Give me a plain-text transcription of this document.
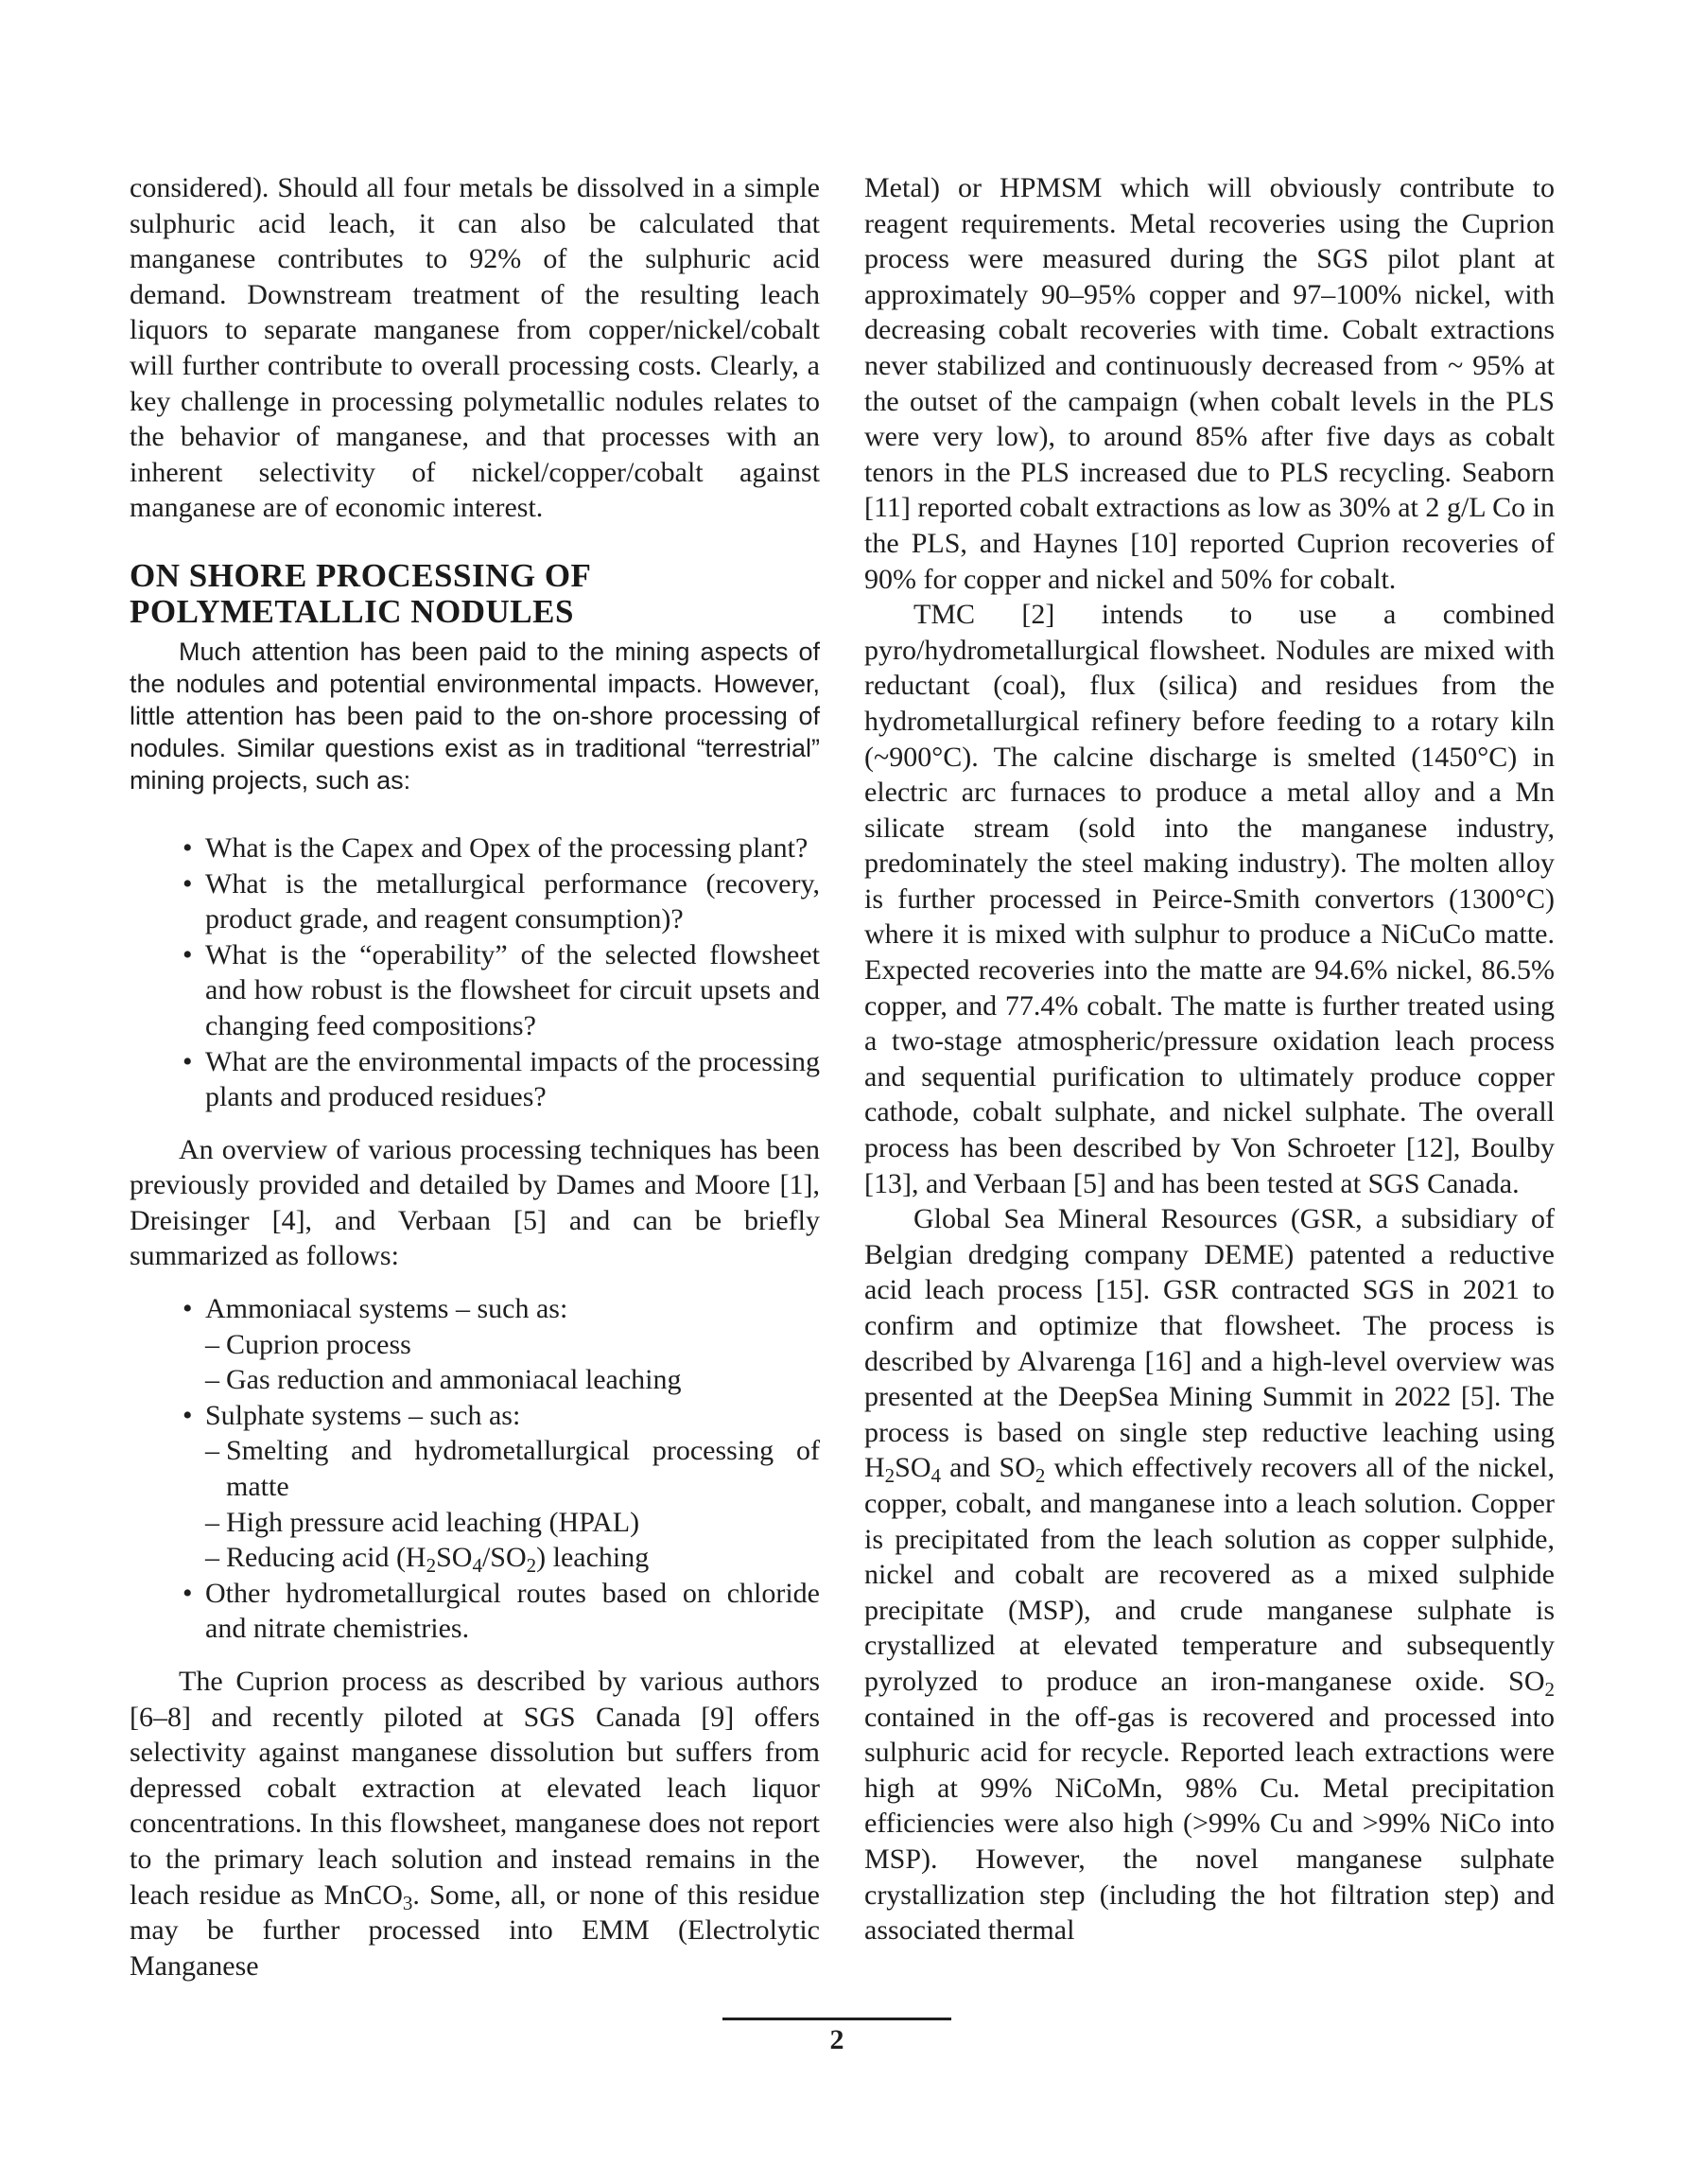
considered). Should all four metals be dissolved in a simple sulphuric acid leach, it can also be calculated that manganese contributes to 92% of the sulphuric acid demand. Downstream treatment of the resulting leach liquors to separate manganese from copper/nickel/cobalt will further contribute to overall processing costs. Clearly, a key challenge in processing polymetallic nodules relates to the behavior of manganese, and that processes with an inherent selectivity of nickel/copper/cobalt against manganese are of economic interest.

ON SHORE PROCESSING OF
POLYMETALLIC NODULES

Much attention has been paid to the mining aspects of the nodules and potential environmental impacts. However, little attention has been paid to the on-shore processing of nodules. Similar questions exist as in traditional “terrestrial” mining projects, such as:

• What is the Capex and Opex of the processing plant?
• What is the metallurgical performance (recovery, product grade, and reagent consumption)?
• What is the “operability” of the selected flowsheet and how robust is the flowsheet for circuit upsets and changing feed compositions?
• What are the environmental impacts of the processing plants and produced residues?

An overview of various processing techniques has been previously provided and detailed by Dames and Moore [1], Dreisinger [4], and Verbaan [5] and can be briefly summarized as follows:

• Ammoniacal systems – such as:
– Cuprion process
– Gas reduction and ammoniacal leaching
• Sulphate systems – such as:
– Smelting and hydrometallurgical processing of matte
– High pressure acid leaching (HPAL)
– Reducing acid $(H_2SO_4/SO_2)$ leaching
• Other hydrometallurgical routes based on chloride and nitrate chemistries.

The Cuprion process as described by various authors [6–8] and recently piloted at SGS Canada [9] offers selectivity against manganese dissolution but suffers from depressed cobalt extraction at elevated leach liquor concentrations. In this flowsheet, manganese does not report to the primary leach solution and instead remains in the leach residue as MnCO$_3$. Some, all, or none of this residue may be further processed into EMM (Electrolytic Manganese

Metal) or HPMSM which will obviously contribute to reagent requirements. Metal recoveries using the Cuprion process were measured during the SGS pilot plant at approximately 90–95% copper and 97–100% nickel, with decreasing cobalt recoveries with time. Cobalt extractions never stabilized and continuously decreased from ~ 95% at the outset of the campaign (when cobalt levels in the PLS were very low), to around 85% after five days as cobalt tenors in the PLS increased due to PLS recycling. Seaborn [11] reported cobalt extractions as low as 30% at 2 g/L Co in the PLS, and Haynes [10] reported Cuprion recoveries of 90% for copper and nickel and 50% for cobalt.

TMC [2] intends to use a combined pyro/hydrometallurgical flowsheet. Nodules are mixed with reductant (coal), flux (silica) and residues from the hydrometallurgical refinery before feeding to a rotary kiln (~900°C). The calcine discharge is smelted (1450°C) in electric arc furnaces to produce a metal alloy and a Mn silicate stream (sold into the manganese industry, predominately the steel making industry). The molten alloy is further processed in Peirce-Smith convertors (1300°C) where it is mixed with sulphur to produce a NiCuCo matte. Expected recoveries into the matte are 94.6% nickel, 86.5% copper, and 77.4% cobalt. The matte is further treated using a two-stage atmospheric/pressure oxidation leach process and sequential purification to ultimately produce copper cathode, cobalt sulphate, and nickel sulphate. The overall process has been described by Von Schroeter [12], Boulby [13], and Verbaan [5] and has been tested at SGS Canada.

Global Sea Mineral Resources (GSR, a subsidiary of Belgian dredging company DEME) patented a reductive acid leach process [15]. GSR contracted SGS in 2021 to confirm and optimize that flowsheet. The process is described by Alvarenga [16] and a high-level overview was presented at the DeepSea Mining Summit in 2022 [5]. The process is based on single step reductive leaching using $H_2SO_4$ and $SO_2$ which effectively recovers all of the nickel, copper, cobalt, and manganese into a leach solution. Copper is precipitated from the leach solution as copper sulphide, nickel and cobalt are recovered as a mixed sulphide precipitate (MSP), and crude manganese sulphate is crystallized at elevated temperature and subsequently pyrolyzed to produce an iron-manganese oxide. $SO_2$ contained in the off-gas is recovered and processed into sulphuric acid for recycle. Reported leach extractions were high at 99% NiCoMn, 98% Cu. Metal precipitation efficiencies were also high (>99% Cu and >99% NiCo into MSP). However, the novel manganese sulphate crystallization step (including the hot filtration step) and associated thermal

2
